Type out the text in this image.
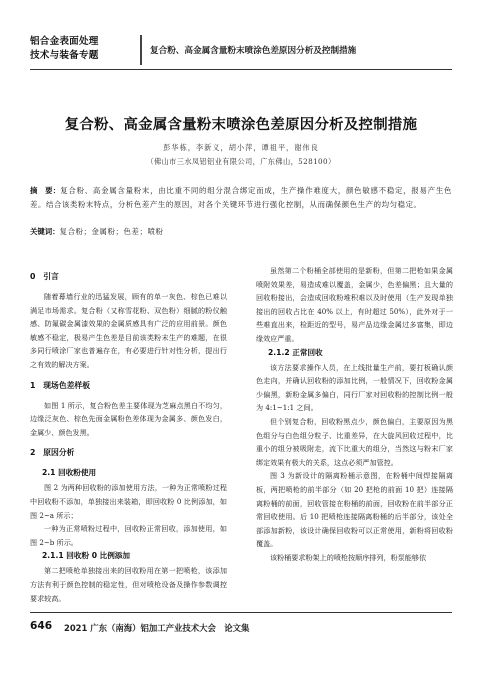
铝合金表面处理
技术与装备专题	复合粉、高金属含量粉末喷涂色差原因分析及控制措施
复合粉、高金属含量粉末喷涂色差原因分析及控制措施
彭华栋，李新义，胡小萍，谭祖平，谢伟良
（佛山市三水凤铝铝业有限公司，广东佛山，528100）
摘　要：复合粉、高金属含量粉末，由比重不同的组分混合绑定而成，生产操作难度大，颜色敏感不稳定，报易产生色差。结合该类粉末特点，分析色差产生的原因，对各个关键环节进行强化控制，从而确保颜色生产的均匀稳定。
关键词：复合粉；金属粉；色差；喷粉
0　引言

随着幕墙行业的迅猛发展，顾有的单一灰色、棕色已难以满足市场需求。复合粉（又称雪花粉、双色粉）细腻的粉仪触感、防氟碳金属漆效果的金属质感具有广泛的应用前景。颜色敏感不稳定，极易产生色差是目前该类粉末生产的难题，在很多同行喷涂厂家也普遍存在，有必要进行针对性分析，提出行之有效的解决方案。

1　现场色差样板

如图 1 所示，复合粉色差主要体现为芝麻点黑白不均匀，边缘泛灰色、棕色先面金属粉色差体现为金属多、颜色发白，金属少、颜色发黑。

2　原因分析
2.1 回收粉使用

图 2 为两种回收粉的添加使用方法，一种为正常喷粉过程中回收粉不添加，单独接出来装箱，即回收粉 0 比例添加，如图 2~a 所示；

一种为正常喷粉过程中，回收粉正常回收，添加使用，如图 2~b 所示。

2.1.1 回收粉 0 比例添加

第二把喷枪单独接出来的回收粉用在第一把喷枪，该添加方法有利于颜色控制的稳定性，但对喷枪设备及操作参数调控要求较高。

虽然第二个粉桶全部使用的是新粉，但第二把枪如果金属喷附效果差，易造成难以覆盖，金属少，色差偏黑；且大量的回收粉接出，会造成回收粉堆积难以及时使用（生产发现单独接出的回收占比在 40% 以上，有时超过 50%），此外对于一些难直出来，检距近的型号，易产品边缘金属过多富集，即边缘效应严重。

2.1.2 正常回收

该方法要求操作人员，在上线批量生产前，要打板确认颜色走向，并确认回收粉的添加比例，一般情况下，回收粉金属少偏黑，新粉金属多偏白，同行厂家对回收粉的控制比例一般为 4:1~1:1 之间。

但个别复合粉，回收粉黑点少，颜色偏白，主要原因为黑色组分与白色组分粒子、比重差异，在大旋风回收过程中，比重小的组分被吸附走，流下比重大的组分，当然这与粉末厂家绑定效果有极大的关系，这点必须严加管控。

图 3 为新设计的隔离粉桶示意图，在粉桶中间焊接隔离板，两把喷枪的前半部分（如 20 把枪的前面 10 把）连接隔离粉桶的前面，回收管接在粉桶的前面，回收粉在前半部分正常回收使用。后 10 把喷枪连接隔离粉桶的后半部分，该处全部添加新粉，该设计确保回收粉可以正常使用，新粉将回收粉覆盖。

该粉桶要求粉架上的喷枪按顺序排列，粉泵能够依

646 2021 广东（南海）铝加工产业技术大会　论文集
